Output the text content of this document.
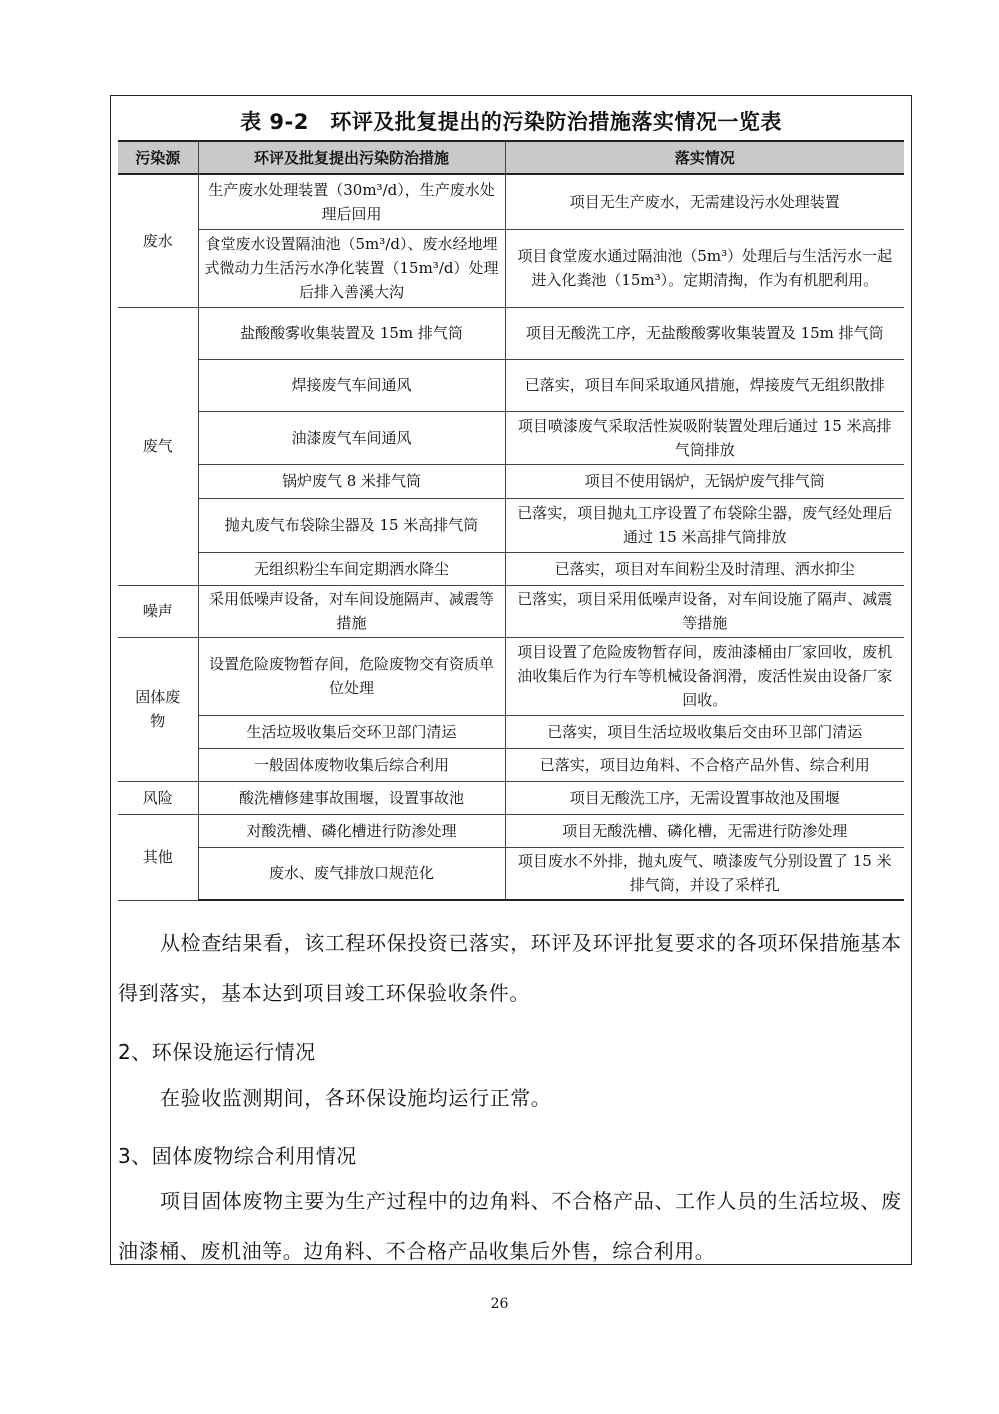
表 9-2　环评及批复提出的污染防治措施落实情况一览表
污染源	环评及批复提出污染防治措施	落实情况
废水	生产废水处理装置（30m³/d），生产废水处理后回用	项目无生产废水，无需建设污水处理装置
	食堂废水设置隔油池（5m³/d）、废水经地埋式微动力生活污水净化装置（15m³/d）处理后排入善溪大沟	项目食堂废水通过隔油池（5m³）处理后与生活污水一起进入化粪池（15m³）。定期清掏，作为有机肥利用。
废气	盐酸酸雾收集装置及 15m 排气筒	项目无酸洗工序，无盐酸酸雾收集装置及 15m 排气筒
	焊接废气车间通风	已落实，项目车间采取通风措施，焊接废气无组织散排
	油漆废气车间通风	项目喷漆废气采取活性炭吸附装置处理后通过 15 米高排气筒排放
	锅炉废气 8 米排气筒	项目不使用锅炉，无锅炉废气排气筒
	抛丸废气布袋除尘器及 15 米高排气筒	已落实，项目抛丸工序设置了布袋除尘器，废气经处理后通过 15 米高排气筒排放
	无组织粉尘车间定期洒水降尘	已落实，项目对车间粉尘及时清理、洒水抑尘
噪声	采用低噪声设备，对车间设施隔声、减震等措施	已落实，项目采用低噪声设备，对车间设施了隔声、减震等措施
固体废物	设置危险废物暂存间，危险废物交有资质单位处理	项目设置了危险废物暂存间，废油漆桶由厂家回收，废机油收集后作为行车等机械设备润滑，废活性炭由设备厂家回收。
	生活垃圾收集后交环卫部门清运	已落实，项目生活垃圾收集后交由环卫部门清运
	一般固体废物收集后综合利用	已落实，项目边角料、不合格产品外售、综合利用
风险	酸洗槽修建事故围堰，设置事故池	项目无酸洗工序，无需设置事故池及围堰
其他	对酸洗槽、磷化槽进行防渗处理	项目无酸洗槽、磷化槽，无需进行防渗处理
	废水、废气排放口规范化	项目废水不外排，抛丸废气、喷漆废气分别设置了 15 米排气筒，并设了采样孔
从检查结果看，该工程环保投资已落实，环评及环评批复要求的各项环保措施基本得到落实，基本达到项目竣工环保验收条件。
2、环保设施运行情况
在验收监测期间，各环保设施均运行正常。
3、固体废物综合利用情况
项目固体废物主要为生产过程中的边角料、不合格产品、工作人员的生活垃圾、废油漆桶、废机油等。边角料、不合格产品收集后外售，综合利用。
26
